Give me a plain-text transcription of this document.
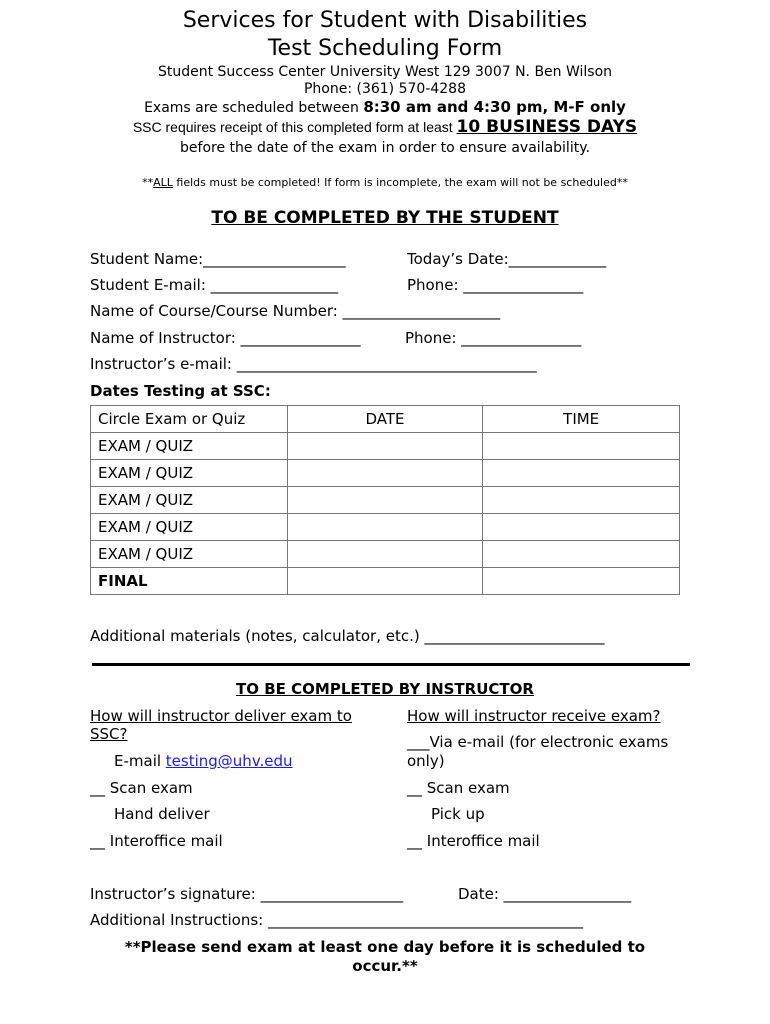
Services for Student with Disabilities
Test Scheduling Form
Student Success Center University West 129 3007 N. Ben Wilson
Phone: (361) 570-4288
Exams are scheduled between 8:30 am and 4:30 pm, M-F only
SSC requires receipt of this completed form at least 10 BUSINESS DAYS
before the date of the exam in order to ensure availability.
**ALL fields must be completed! If form is incomplete, the exam will not be scheduled**
TO BE COMPLETED BY THE STUDENT
Student Name:___________________	Today’s Date:_____________
Student E-mail: _________________	Phone: ________________
Name of Course/Course Number: _____________________
Name of Instructor: ________________	Phone: ________________
Instructor’s e-mail: ________________________________________
Dates Testing at SSC:
Circle Exam or Quiz	DATE	TIME
EXAM / QUIZ		
EXAM / QUIZ		
EXAM / QUIZ		
EXAM / QUIZ		
EXAM / QUIZ		
FINAL		
Additional materials (notes, calculator, etc.) ________________________
TO BE COMPLETED BY INSTRUCTOR
How will instructor deliver exam to
SSC?
How will instructor receive exam?
E-mail testing@uhv.edu
___Via e-mail (for electronic exams
only)
__ Scan exam	__ Scan exam
Hand deliver	Pick up
__ Interoffice mail	__ Interoffice mail
Instructor’s signature: ___________________	Date: _________________
Additional Instructions: __________________________________________
**Please send exam at least one day before it is scheduled to
occur.**
